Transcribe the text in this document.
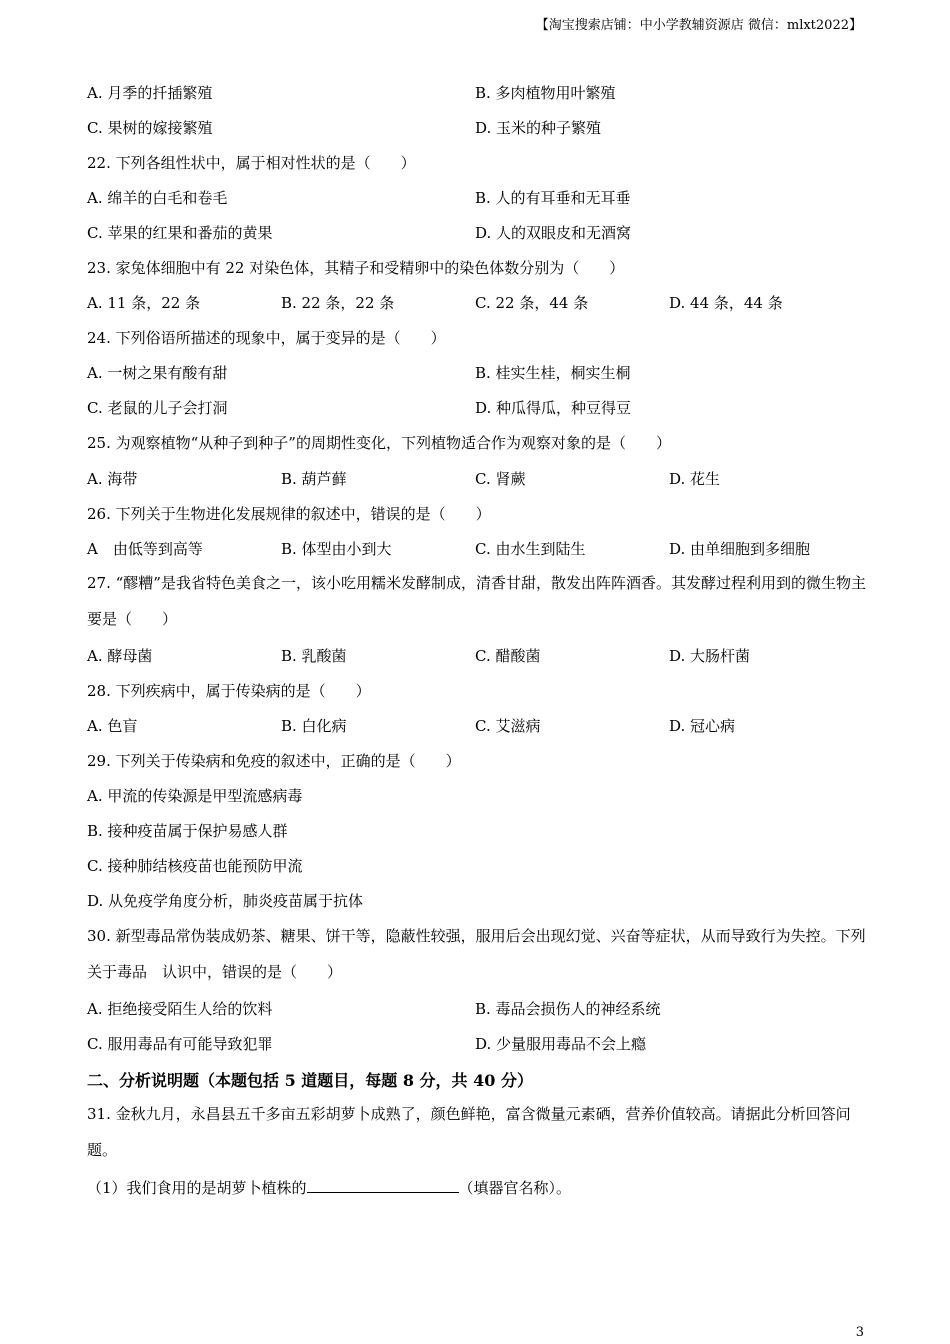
【淘宝搜索店铺：中小学教辅资源店 微信：mlxt2022】
A. 月季的扦插繁殖	B. 多肉植物用叶繁殖
C. 果树的嫁接繁殖	D. 玉米的种子繁殖
22. 下列各组性状中，属于相对性状的是（　　）
A. 绵羊的白毛和卷毛	B. 人的有耳垂和无耳垂
C. 苹果的红果和番茄的黄果	D. 人的双眼皮和无酒窝
23. 家兔体细胞中有 22 对染色体，其精子和受精卵中的染色体数分别为（　　）
A. 11 条，22 条	B. 22 条，22 条	C. 22 条，44 条	D. 44 条，44 条
24. 下列俗语所描述的现象中，属于变异的是（　　）
A. 一树之果有酸有甜	B. 桂实生桂，桐实生桐
C. 老鼠的儿子会打洞	D. 种瓜得瓜，种豆得豆
25. 为观察植物“从种子到种子”的周期性变化，下列植物适合作为观察对象的是（　　）
A. 海带	B. 葫芦藓	C. 肾蕨	D. 花生
26. 下列关于生物进化发展规律的叙述中，错误的是（　　）
A　由低等到高等	B. 体型由小到大	C. 由水生到陆生	D. 由单细胞到多细胞
27. “醪糟”是我省特色美食之一，该小吃用糯米发酵制成，清香甘甜，散发出阵阵酒香。其发酵过程利用到的微生物主要是（　　）
A. 酵母菌	B. 乳酸菌	C. 醋酸菌	D. 大肠杆菌
28. 下列疾病中，属于传染病的是（　　）
A. 色盲	B. 白化病	C. 艾滋病	D. 冠心病
29. 下列关于传染病和免疫的叙述中，正确的是（　　）
A. 甲流的传染源是甲型流感病毒
B. 接种疫苗属于保护易感人群
C. 接种肺结核疫苗也能预防甲流
D. 从免疫学角度分析，肺炎疫苗属于抗体
30. 新型毒品常伪装成奶茶、糖果、饼干等，隐蔽性较强，服用后会出现幻觉、兴奋等症状，从而导致行为失控。下列关于毒品　认识中，错误的是（　　）
A. 拒绝接受陌生人给的饮料	B. 毒品会损伤人的神经系统
C. 服用毒品有可能导致犯罪	D. 少量服用毒品不会上瘾
二、分析说明题（本题包括 5 道题目，每题 8 分，共 40 分）
31. 金秋九月，永昌县五千多亩五彩胡萝卜成熟了，颜色鲜艳，富含微量元素硒，营养价值较高。请据此分析回答问题。
（1）我们食用的是胡萝卜植株的	（填器官名称）。
3
